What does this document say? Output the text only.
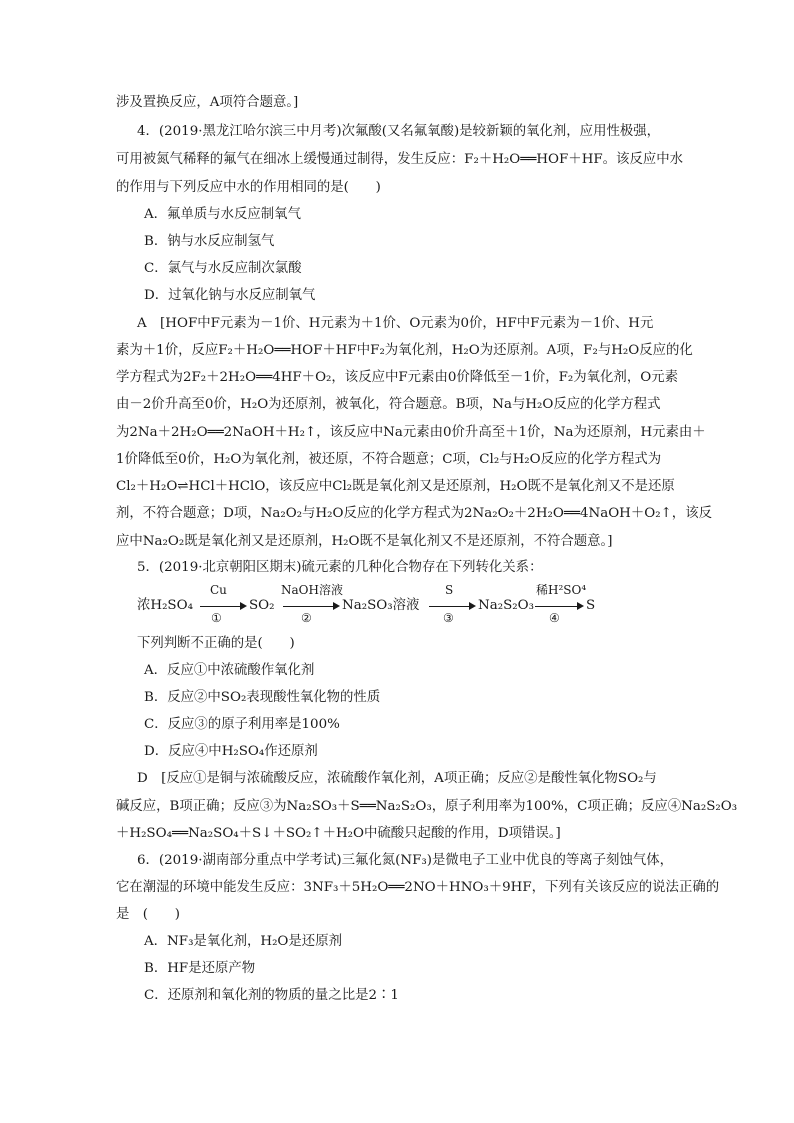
涉及置换反应，A项符合题意。]
4．(2019·黑龙江哈尔滨三中月考)次氟酸(又名氟氧酸)是较新颖的氧化剂，应用性极强，
可用被氮气稀释的氟气在细冰上缓慢通过制得，发生反应：F₂＋H₂O══HOF＋HF。该反应中水
的作用与下列反应中水的作用相同的是(　　)
A．氟单质与水反应制氧气
B．钠与水反应制氢气
C．氯气与水反应制次氯酸
D．过氧化钠与水反应制氧气
A　[HOF中F元素为－1价、H元素为＋1价、O元素为0价，HF中F元素为－1价、H元
素为＋1价，反应F₂＋H₂O══HOF＋HF中F₂为氧化剂，H₂O为还原剂。A项，F₂与H₂O反应的化
学方程式为2F₂＋2H₂O══4HF＋O₂，该反应中F元素由0价降低至－1价，F₂为氧化剂，O元素
由－2价升高至0价，H₂O为还原剂，被氧化，符合题意。B项，Na与H₂O反应的化学方程式
为2Na＋2H₂O══2NaOH＋H₂↑，该反应中Na元素由0价升高至＋1价，Na为还原剂，H元素由＋
1价降低至0价，H₂O为氧化剂，被还原，不符合题意；C项，Cl₂与H₂O反应的化学方程式为
Cl₂＋H₂O⇌HCl＋HClO，该反应中Cl₂既是氧化剂又是还原剂，H₂O既不是氧化剂又不是还原
剂，不符合题意；D项，Na₂O₂与H₂O反应的化学方程式为2Na₂O₂＋2H₂O══4NaOH＋O₂↑，该反
应中Na₂O₂既是氧化剂又是还原剂，H₂O既不是氧化剂又不是还原剂，不符合题意。]
5．(2019·北京朝阳区期末)硫元素的几种化合物存在下列转化关系：
浓H₂SO₄
Cu
①
SO₂
NaOH溶液
②
Na₂SO₃溶液
S
③
Na₂S₂O₃
稀H²SO⁴
④
S
下列判断不正确的是(　　)
A．反应①中浓硫酸作氧化剂
B．反应②中SO₂表现酸性氧化物的性质
C．反应③的原子利用率是100%
D．反应④中H₂SO₄作还原剂
D　[反应①是铜与浓硫酸反应，浓硫酸作氧化剂，A项正确；反应②是酸性氧化物SO₂与
碱反应，B项正确；反应③为Na₂SO₃＋S══Na₂S₂O₃，原子利用率为100%，C项正确；反应④Na₂S₂O₃
＋H₂SO₄══Na₂SO₄＋S↓＋SO₂↑＋H₂O中硫酸只起酸的作用，D项错误。]
6．(2019·湖南部分重点中学考试)三氟化氮(NF₃)是微电子工业中优良的等离子刻蚀气体，
它在潮湿的环境中能发生反应：3NF₃＋5H₂O══2NO＋HNO₃＋9HF，下列有关该反应的说法正确的
是　(　　)
A．NF₃是氧化剂，H₂O是还原剂
B．HF是还原产物
C．还原剂和氧化剂的物质的量之比是2∶1
